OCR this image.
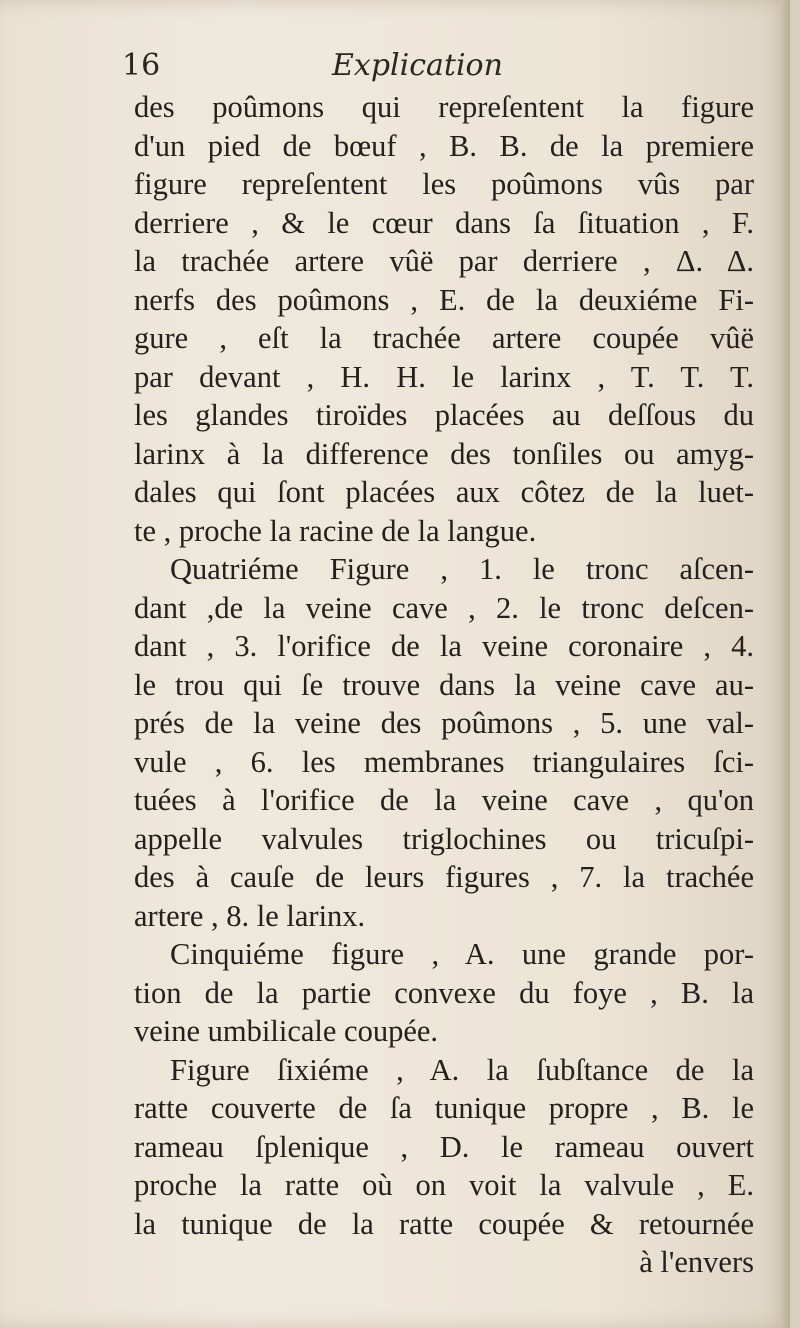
16	Explication
des poûmons qui repreſentent la figure
d'un pied de bœuf , B. B. de la premiere
figure repreſentent les poûmons vûs par
derriere , & le cœur dans ſa ſituation , F.
la trachée artere vûë par derriere , Δ. Δ.
nerfs des poûmons , E. de la deuxiéme Fi-
gure , eſt la trachée artere coupée vûë
par devant , H. H. le larinx , T. T. T.
les glandes tiroïdes placées au deſſous du
larinx à la difference des tonſiles ou amyg-
dales qui ſont placées aux côtez de la luet-
te , proche la racine de la langue.
Quatriéme Figure , 1. le tronc aſcen-
dant ,de la veine cave , 2. le tronc deſcen-
dant , 3. l'orifice de la veine coronaire , 4.
le trou qui ſe trouve dans la veine cave au-
prés de la veine des poûmons , 5. une val-
vule , 6. les membranes triangulaires ſci-
tuées à l'orifice de la veine cave , qu'on
appelle valvules triglochines ou tricuſpi-
des à cauſe de leurs figures , 7. la trachée
artere , 8. le larinx.
Cinquiéme figure , A. une grande por-
tion de la partie convexe du foye , B. la
veine umbilicale coupée.
Figure ſixiéme , A. la ſubſtance de la
ratte couverte de ſa tunique propre , B. le
rameau ſplenique , D. le rameau ouvert
proche la ratte où on voit la valvule , E.
la tunique de la ratte coupée & retournée
à l'envers
